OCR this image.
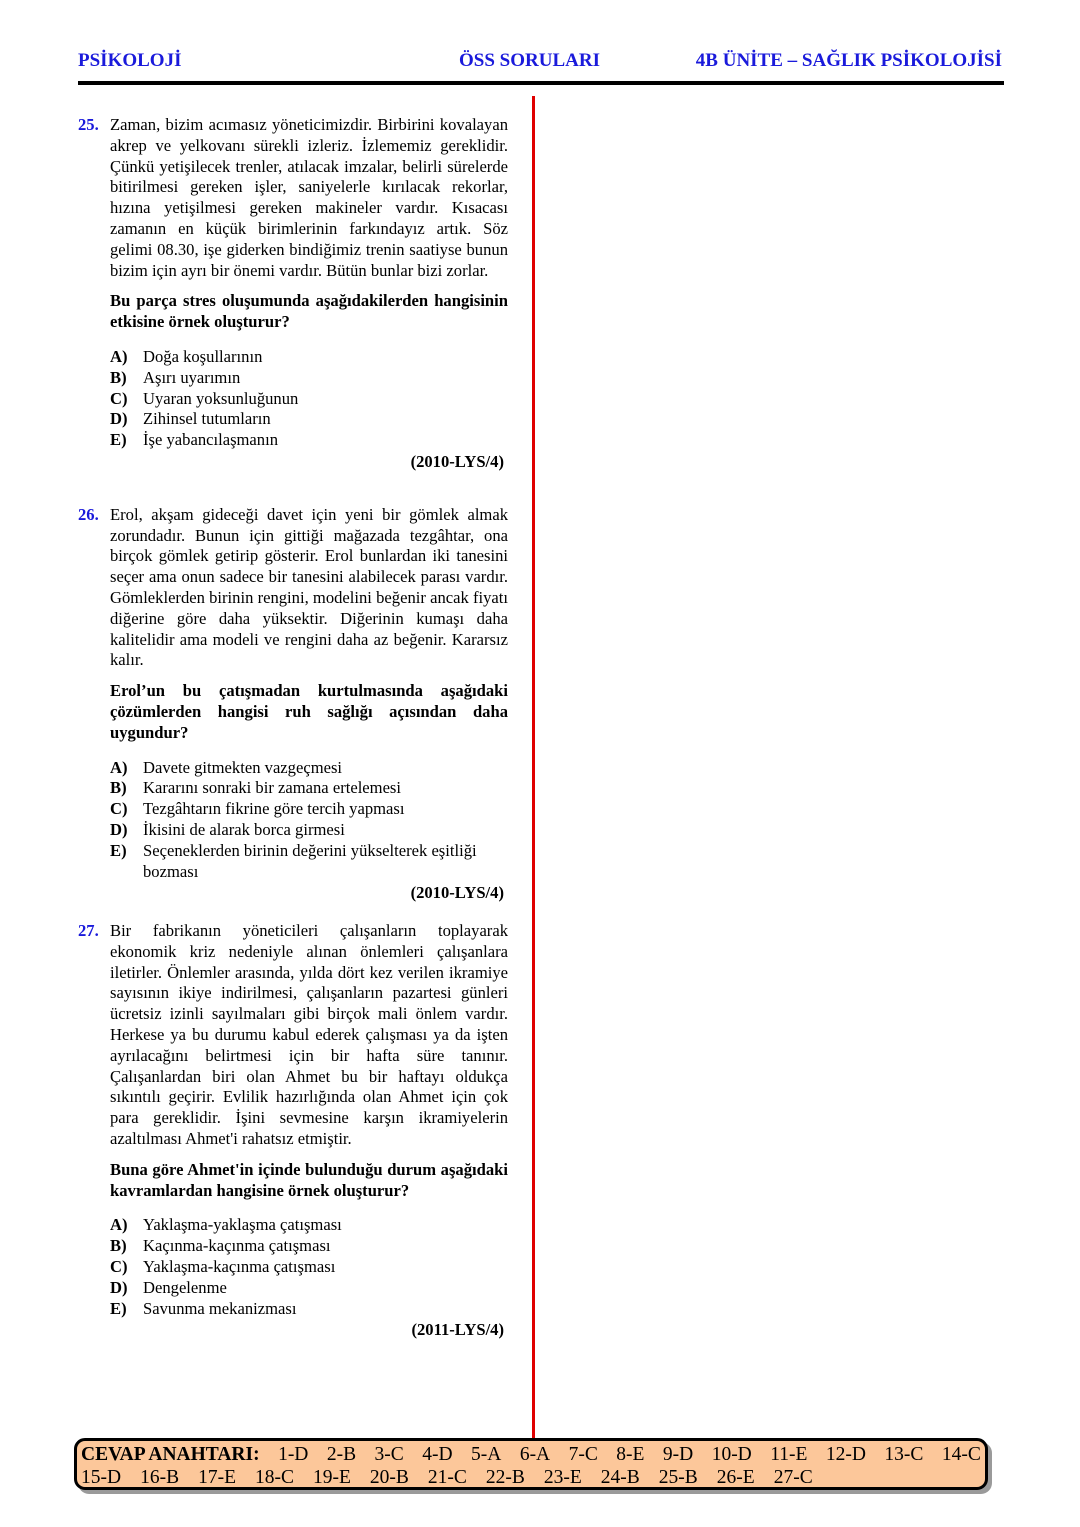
PSİKOLOJİ	ÖSS SORULARI	4B ÜNİTE – SAĞLIK PSİKOLOJİSİ
25. Zaman, bizim acımasız yöneticimizdir. Birbirini kovalayan akrep ve yelkovanı sürekli izleriz. İzlememiz gereklidir. Çünkü yetişilecek trenler, atılacak imzalar, belirli sürelerde bitirilmesi gereken işler, saniyelerle kırılacak rekorlar, hızına yetişilmesi gereken makineler vardır. Kısacası zamanın en küçük birimlerinin farkındayız artık. Söz gelimi 08.30, işe giderken bindiğimiz trenin saatiyse bunun bizim için ayrı bir önemi vardır. Bütün bunlar bizi zorlar.
Bu parça stres oluşumunda aşağıdakilerden hangisinin etkisine örnek oluşturur?
A) Doğa koşullarının
B) Aşırı uyarımın
C) Uyaran yoksunluğunun
D) Zihinsel tutumların
E) İşe yabancılaşmanın
(2010-LYS/4)
26. Erol, akşam gideceği davet için yeni bir gömlek almak zorundadır. Bunun için gittiği mağazada tezgâhtar, ona birçok gömlek getirip gösterir. Erol bunlardan iki tanesini seçer ama onun sadece bir tanesini alabilecek parası vardır. Gömleklerden birinin rengini, modelini beğenir ancak fiyatı diğerine göre daha yüksektir. Diğerinin kumaşı daha kalitelidir ama modeli ve rengini daha az beğenir. Kararsız kalır.
Erol’un bu çatışmadan kurtulmasında aşağıdaki çözümlerden hangisi ruh sağlığı açısından daha uygundur?
A) Davete gitmekten vazgeçmesi
B) Kararını sonraki bir zamana ertelemesi
C) Tezgâhtarın fikrine göre tercih yapması
D) İkisini de alarak borca girmesi
E) Seçeneklerden birinin değerini yükselterek eşitliği bozması
(2010-LYS/4)
27. Bir fabrikanın yöneticileri çalışanların toplayarak ekonomik kriz nedeniyle alınan önlemleri çalışanlara iletirler. Önlemler arasında, yılda dört kez verilen ikramiye sayısının ikiye indirilmesi, çalışanların pazartesi günleri ücretsiz izinli sayılmaları gibi birçok mali önlem vardır. Herkese ya bu durumu kabul ederek çalışması ya da işten ayrılacağını belirtmesi için bir hafta süre tanınır. Çalışanlardan biri olan Ahmet bu bir haftayı oldukça sıkıntılı geçirir. Evlilik hazırlığında olan Ahmet için çok para gereklidir. İşini sevmesine karşın ikramiyelerin azaltılması Ahmet'i rahatsız etmiştir.
Buna göre Ahmet'in içinde bulunduğu durum aşağıdaki kavramlardan hangisine örnek oluşturur?
A) Yaklaşma-yaklaşma çatışması
B) Kaçınma-kaçınma çatışması
C) Yaklaşma-kaçınma çatışması
D) Dengelenme
E) Savunma mekanizması
(2011-LYS/4)
CEVAP ANAHTARI: 1-D 2-B 3-C 4-D 5-A 6-A 7-C 8-E 9-D 10-D 11-E 12-D 13-C 14-C
15-D 16-B 17-E 18-C 19-E 20-B 21-C 22-B 23-E 24-B 25-B 26-E 27-C
